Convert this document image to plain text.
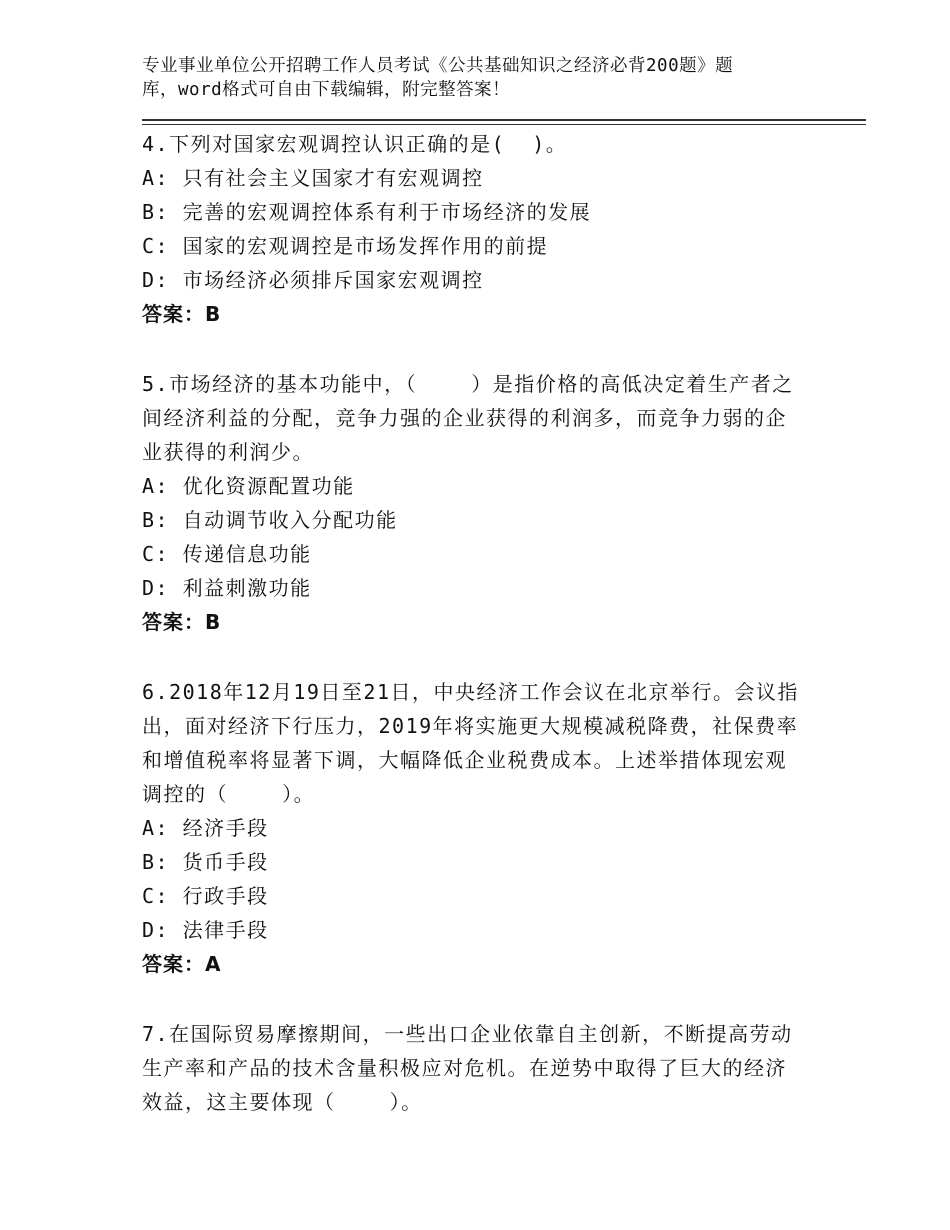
专业事业单位公开招聘工作人员考试《公共基础知识之经济必背200题》题
库，word格式可自由下载编辑，附完整答案！

4.下列对国家宏观调控认识正确的是(  )。

A: 只有社会主义国家才有宏观调控

B: 完善的宏观调控体系有利于市场经济的发展

C: 国家的宏观调控是市场发挥作用的前提

D: 市场经济必须排斥国家宏观调控

答案：B

5.市场经济的基本功能中，（    ）是指价格的高低决定着生产者之

间经济利益的分配，竞争力强的企业获得的利润多，而竞争力弱的企

业获得的利润少。

A: 优化资源配置功能

B: 自动调节收入分配功能

C: 传递信息功能

D: 利益刺激功能

答案：B

6.2018年12月19日至21日，中央经济工作会议在北京举行。会议指

出，面对经济下行压力，2019年将实施更大规模减税降费，社保费率

和增值税率将显著下调，大幅降低企业税费成本。上述举措体现宏观

调控的（    ）。

A: 经济手段

B: 货币手段

C: 行政手段

D: 法律手段

答案：A

7.在国际贸易摩擦期间，一些出口企业依靠自主创新，不断提高劳动

生产率和产品的技术含量积极应对危机。在逆势中取得了巨大的经济

效益，这主要体现（    ）。
